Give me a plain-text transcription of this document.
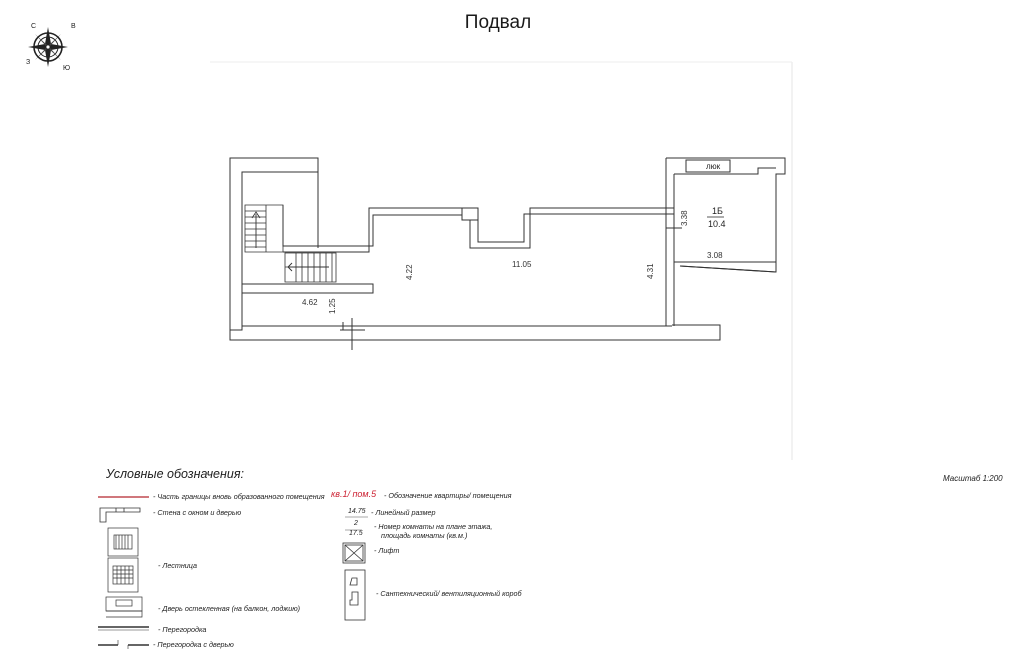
Подвал
С	В
З
Ю
люк
1Б
10.4
11.05
4.22	4.31
3.38
3.08
4.62 1.25
Условные обозначения:	Масштаб 1:200
- Часть границы вновь образованного помещения
- Стена с окном и дверью
- Лестница
- Дверь остекленная (на балкон, лоджию)
- Перегородка
- Перегородка с дверью
кв.1/ пом.5 - Обозначение квартиры/ помещения
14.75 - Линейный размер
2
17.5
- Номер комнаты на плане этажа,
площадь комнаты (кв.м.)
- Лифт
- Сантехнический/ вентиляционный короб
